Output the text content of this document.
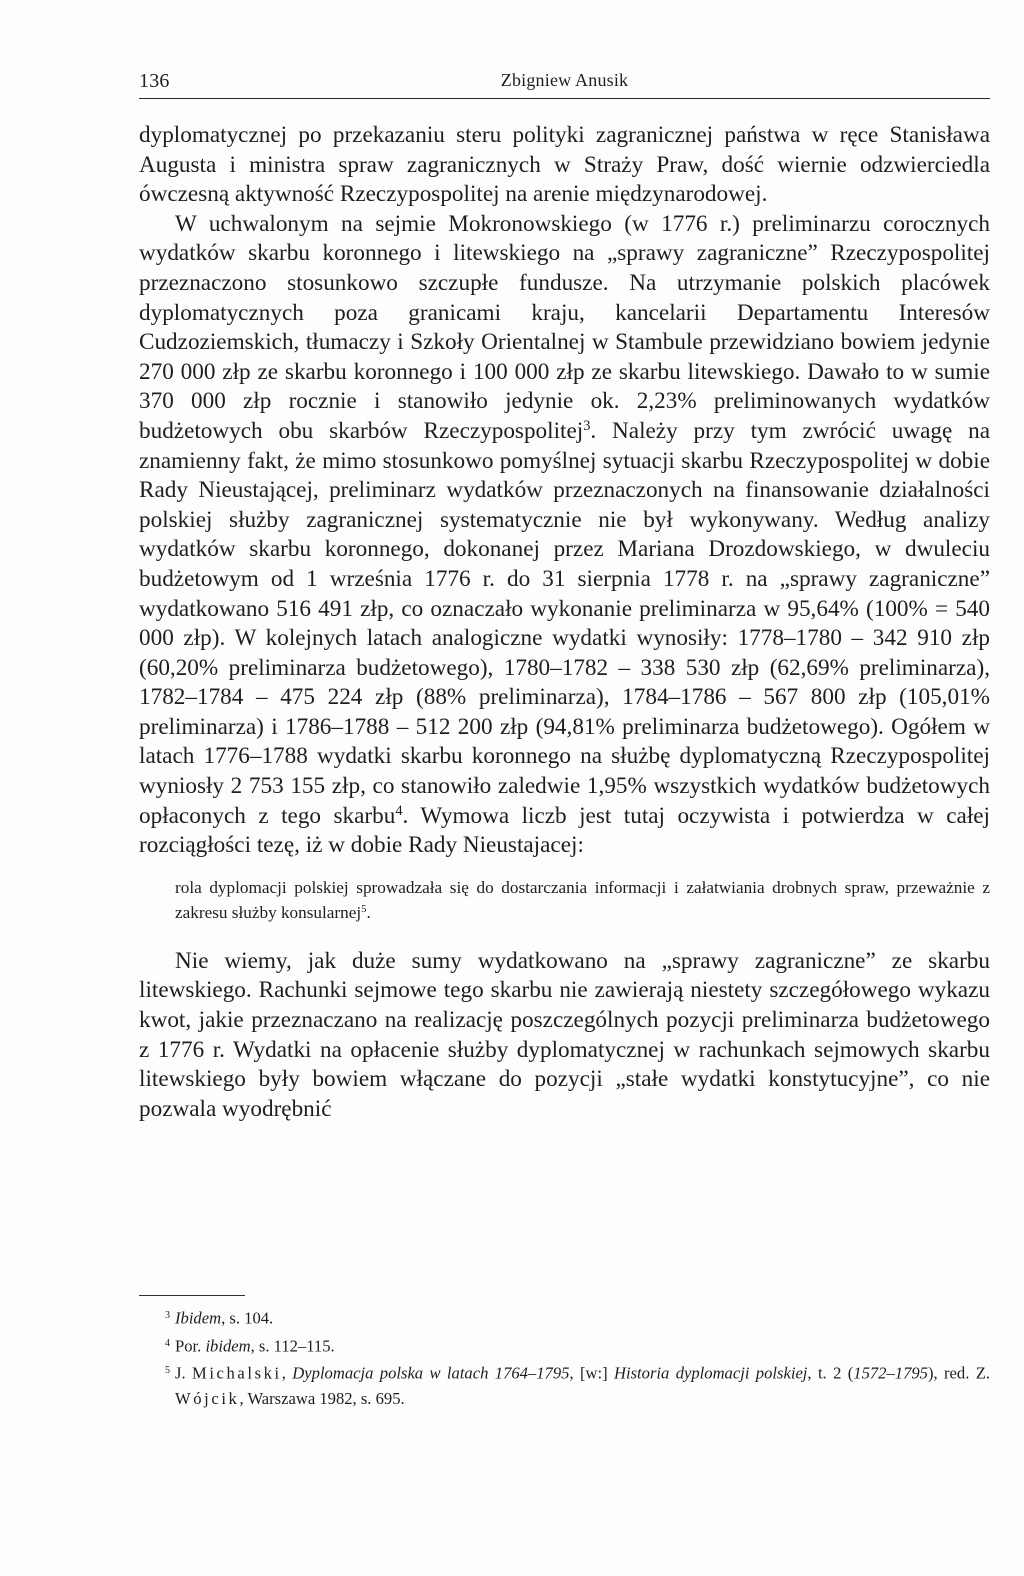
136	Zbigniew Anusik

dyplomatycznej po przekazaniu steru polityki zagranicznej państwa w ręce Stanisława Augusta i ministra spraw zagranicznych w Straży Praw, dość wiernie odzwierciedla ówczesną aktywność Rzeczypospolitej na arenie międzynarodowej.

W uchwalonym na sejmie Mokronowskiego (w 1776 r.) preliminarzu corocznych wydatków skarbu koronnego i litewskiego na „sprawy zagraniczne” Rzeczypospolitej przeznaczono stosunkowo szczupłe fundusze. Na utrzymanie polskich placówek dyplomatycznych poza granicami kraju, kancelarii Departamentu Interesów Cudzoziemskich, tłumaczy i Szkoły Orientalnej w Stambule przewidziano bowiem jedynie 270 000 złp ze skarbu koronnego i 100 000 złp ze skarbu litewskiego. Dawało to w sumie 370 000 złp rocznie i stanowiło jedynie ok. 2,23% preliminowanych wydatków budżetowych obu skarbów Rzeczypospolitej$^3$. Należy przy tym zwrócić uwagę na znamienny fakt, że mimo stosunkowo pomyślnej sytuacji skarbu Rzeczypospolitej w dobie Rady Nieustającej, preliminarz wydatków przeznaczonych na finansowanie działalności polskiej służby zagranicznej systematycznie nie był wykonywany. Według analizy wydatków skarbu koronnego, dokonanej przez Mariana Drozdowskiego, w dwuleciu budżetowym od 1 września 1776 r. do 31 sierpnia 1778 r. na „sprawy zagraniczne” wydatkowano 516 491 złp, co oznaczało wykonanie preliminarza w 95,64% (100% = 540 000 złp). W kolejnych latach analogiczne wydatki wynosiły: 1778–1780 – 342 910 złp (60,20% preliminarza budżetowego), 1780–1782 – 338 530 złp (62,69% preliminarza), 1782–1784 – 475 224 złp (88% preliminarza), 1784–1786 – 567 800 złp (105,01% preliminarza) i 1786–1788 – 512 200 złp (94,81% preliminarza budżetowego). Ogółem w latach 1776–1788 wydatki skarbu koronnego na służbę dyplomatyczną Rzeczypospolitej wyniosły 2 753 155 złp, co stanowiło zaledwie 1,95% wszystkich wydatków budżetowych opłaconych z tego skarbu$^4$. Wymowa liczb jest tutaj oczywista i potwierdza w całej rozciągłości tezę, iż w dobie Rady Nieustajacej:

rola dyplomacji polskiej sprowadzała się do dostarczania informacji i załatwiania drobnych spraw, przeważnie z zakresu służby konsularnej$^5$.

Nie wiemy, jak duże sumy wydatkowano na „sprawy zagraniczne” ze skarbu litewskiego. Rachunki sejmowe tego skarbu nie zawierają niestety szczegółowego wykazu kwot, jakie przeznaczano na realizację poszczególnych pozycji preliminarza budżetowego z 1776 r. Wydatki na opłacenie służby dyplomatycznej w rachunkach sejmowych skarbu litewskiego były bowiem włączane do pozycji „stałe wydatki konstytucyjne”, co nie pozwala wyodrębnić

3 Ibidem, s. 104.

4 Por. ibidem, s. 112–115.

5 J. Michalski, Dyplomacja polska w latach 1764–1795, [w:] Historia dyplomacji polskiej, t. 2 (1572–1795), red. Z. Wójcik, Warszawa 1982, s. 695.
